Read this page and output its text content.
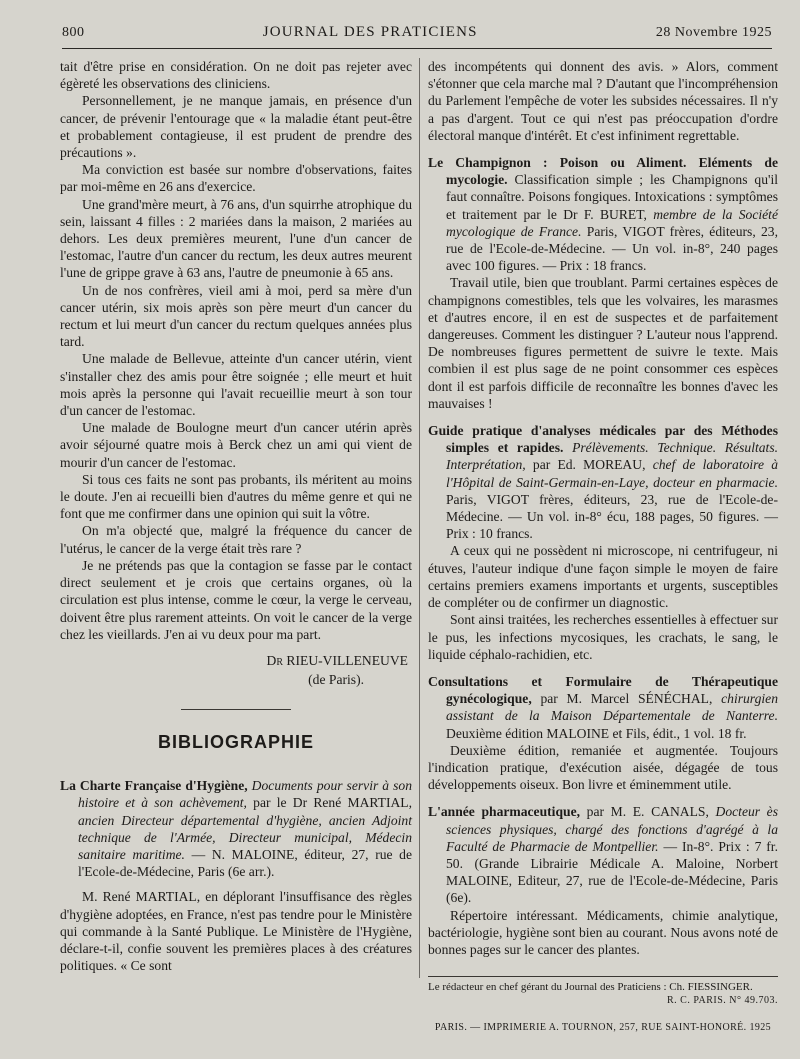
800	JOURNAL DES PRATICIENS	28 Novembre 1925

tait d'être prise en considération. On ne doit pas rejeter avec égèreté les observations des cliniciens.

Personnellement, je ne manque jamais, en présence d'un cancer, de prévenir l'entourage que « la maladie étant peut-être et probablement contagieuse, il est prudent de prendre des précautions ».

Ma conviction est basée sur nombre d'observations, faites par moi-même en 26 ans d'exercice.

Une grand'mère meurt, à 76 ans, d'un squirrhe atrophique du sein, laissant 4 filles : 2 mariées dans la maison, 2 mariées au dehors. Les deux premières meurent, l'une d'un cancer de l'estomac, l'autre d'un cancer du rectum, les deux autres meurent l'une de grippe grave à 63 ans, l'autre de pneumonie à 65 ans.

Un de nos confrères, vieil ami à moi, perd sa mère d'un cancer utérin, six mois après son père meurt d'un cancer du rectum et lui meurt d'un cancer du rectum quelques années plus tard.

Une malade de Bellevue, atteinte d'un cancer utérin, vient s'installer chez des amis pour être soignée ; elle meurt et huit mois après la personne qui l'avait recueillie meurt à son tour d'un cancer de l'estomac.

Une malade de Boulogne meurt d'un cancer utérin après avoir séjourné quatre mois à Berck chez un ami qui vient de mourir d'un cancer de l'estomac.

Si tous ces faits ne sont pas probants, ils méritent au moins le doute. J'en ai recueilli bien d'autres du même genre et qui ne font que me confirmer dans une opinion qui suit la vôtre.

On m'a objecté que, malgré la fréquence du cancer de l'utérus, le cancer de la verge était très rare ?

Je ne prétends pas que la contagion se fasse par le contact direct seulement et je crois que certains organes, où la circulation est plus intense, comme le cœur, la verge le cerveau, doivent être plus rarement atteints. On voit le cancer de la verge chez les vieillards. J'en ai vu deux pour ma part.

Dr RIEU-VILLENEUVE
(de Paris).
BIBLIOGRAPHIE

La Charte Française d'Hygiène, Documents pour servir à son histoire et à son achèvement, par le Dr René MARTIAL, ancien Directeur départemental d'hygiène, ancien Adjoint technique de l'Armée, Directeur municipal, Médecin sanitaire maritime. — N. MALOINE, éditeur, 27, rue de l'Ecole-de-Médecine, Paris (6e arr.).

M. René MARTIAL, en déplorant l'insuffisance des règles d'hygiène adoptées, en France, n'est pas tendre pour le Ministère qui commande à la Santé Publique. Le Ministère de l'Hygiène, déclare-t-il, confie souvent les premières places à des créatures politiques. « Ce sont

des incompétents qui donnent des avis. » Alors, comment s'étonner que cela marche mal ? D'autant que l'incompréhension du Parlement l'empêche de voter les subsides nécessaires. Il n'y a pas d'argent. Tout ce qui n'est pas préoccupation d'ordre électoral manque d'intérêt. Et c'est infiniment regrettable.

Le Champignon : Poison ou Aliment. Eléments de mycologie. Classification simple ; les Champignons qu'il faut connaître. Poisons fongiques. Intoxications : symptômes et traitement par le Dr F. BURET, membre de la Société mycologique de France. Paris, VIGOT frères, éditeurs, 23, rue de l'Ecole-de-Médecine. — Un vol. in-8°, 240 pages avec 100 figures. — Prix : 18 francs.

Travail utile, bien que troublant. Parmi certaines espèces de champignons comestibles, tels que les volvaires, les marasmes et d'autres encore, il en est de suspectes et de parfaitement dangereuses. Comment les distinguer ? L'auteur nous l'apprend. De nombreuses figures permettent de suivre le texte. Mais combien il est plus sage de ne point consommer ces espèces dont il est parfois difficile de reconnaître les bonnes d'avec les mauvaises !

Guide pratique d'analyses médicales par des Méthodes simples et rapides. Prélèvements. Technique. Résultats. Interprétation, par Ed. MOREAU, chef de laboratoire à l'Hôpital de Saint-Germain-en-Laye, docteur en pharmacie. Paris, VIGOT frères, éditeurs, 23, rue de l'Ecole-de-Médecine. — Un vol. in-8° écu, 188 pages, 50 figures. — Prix : 10 francs.

A ceux qui ne possèdent ni microscope, ni centrifugeur, ni étuves, l'auteur indique d'une façon simple le moyen de faire certains premiers examens importants et urgents, susceptibles de compléter ou de confirmer un diagnostic.

Sont ainsi traitées, les recherches essentielles à effectuer sur le pus, les infections mycosiques, les crachats, le sang, le liquide céphalo-rachidien, etc.

Consultations et Formulaire de Thérapeutique gynécologique, par M. Marcel SÉNÉCHAL, chirurgien assistant de la Maison Départementale de Nanterre. Deuxième édition MALOINE et Fils, édit., 1 vol. 18 fr.

Deuxième édition, remaniée et augmentée. Toujours l'indication pratique, d'exécution aisée, dégagée de tous développements oiseux. Bon livre et éminemment utile.

L'année pharmaceutique, par M. E. CANALS, Docteur ès sciences physiques, chargé des fonctions d'agrégé à la Faculté de Pharmacie de Montpellier. — In-8°. Prix : 7 fr. 50. (Grande Librairie Médicale A. Maloine, Norbert MALOINE, Editeur, 27, rue de l'Ecole-de-Médecine, Paris (6e).

Répertoire intéressant. Médicaments, chimie analytique, bactériologie, hygiène sont bien au courant. Nous avons noté de bonnes pages sur le cancer des plantes.

Le rédacteur en chef gérant du Journal des Praticiens : Ch. FIESSINGER.
R. C. PARIS. N° 49.703.
PARIS. — IMPRIMERIE A. TOURNON, 257, RUE SAINT-HONORÉ. 1925
